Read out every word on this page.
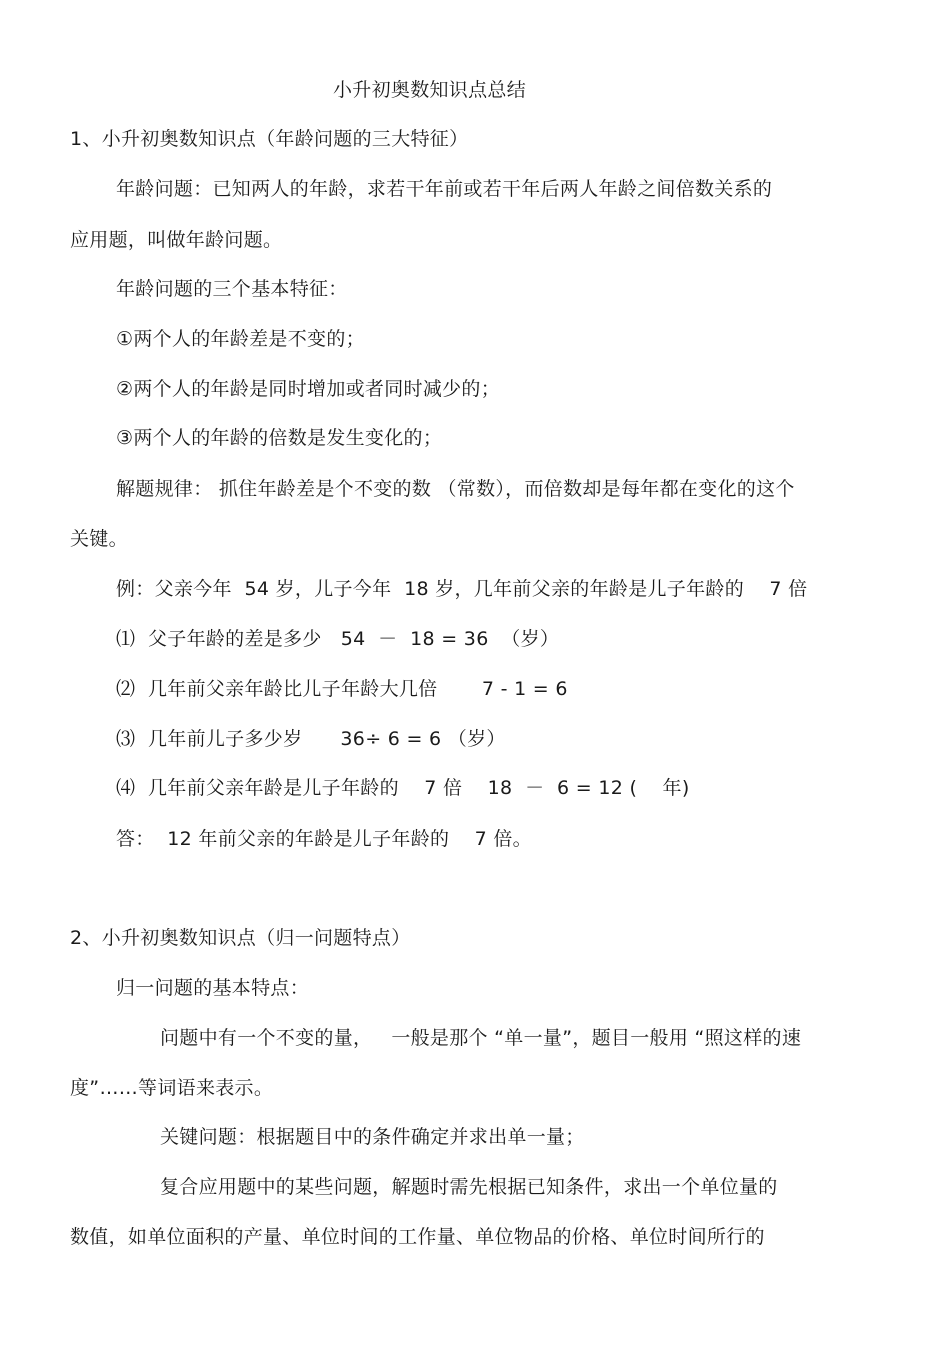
小升初奥数知识点总结
1、小升初奥数知识点（年龄问题的三大特征）
年龄问题：已知两人的年龄，求若干年前或若干年后两人年龄之间倍数关系的
应用题，叫做年龄问题。
年龄问题的三个基本特征：
①两个人的年龄差是不变的；
②两个人的年龄是同时增加或者同时减少的；
③两个人的年龄的倍数是发生变化的；
解题规律： 抓住年龄差是个不变的数 （常数），而倍数却是每年都在变化的这个
关键。
例：父亲今年  54 岁，儿子今年  18 岁，几年前父亲的年龄是儿子年龄的    7 倍
⑴  父子年龄的差是多少   54  －  18 = 36  （岁）
⑵  几年前父亲年龄比儿子年龄大几倍       7 - 1 = 6
⑶  几年前儿子多少岁      36÷ 6 = 6 （岁）
⑷  几年前父亲年龄是儿子年龄的    7 倍    18  －  6 = 12 (    年)
答：  12 年前父亲的年龄是儿子年龄的    7 倍。
2、小升初奥数知识点（归一问题特点）
归一问题的基本特点：
问题中有一个不变的量，   一般是那个 “单一量”，题目一般用 “照这样的速
度”……等词语来表示。
关键问题：根据题目中的条件确定并求出单一量；
复合应用题中的某些问题，解题时需先根据已知条件，求出一个单位量的
数值，如单位面积的产量、单位时间的工作量、单位物品的价格、单位时间所行的
